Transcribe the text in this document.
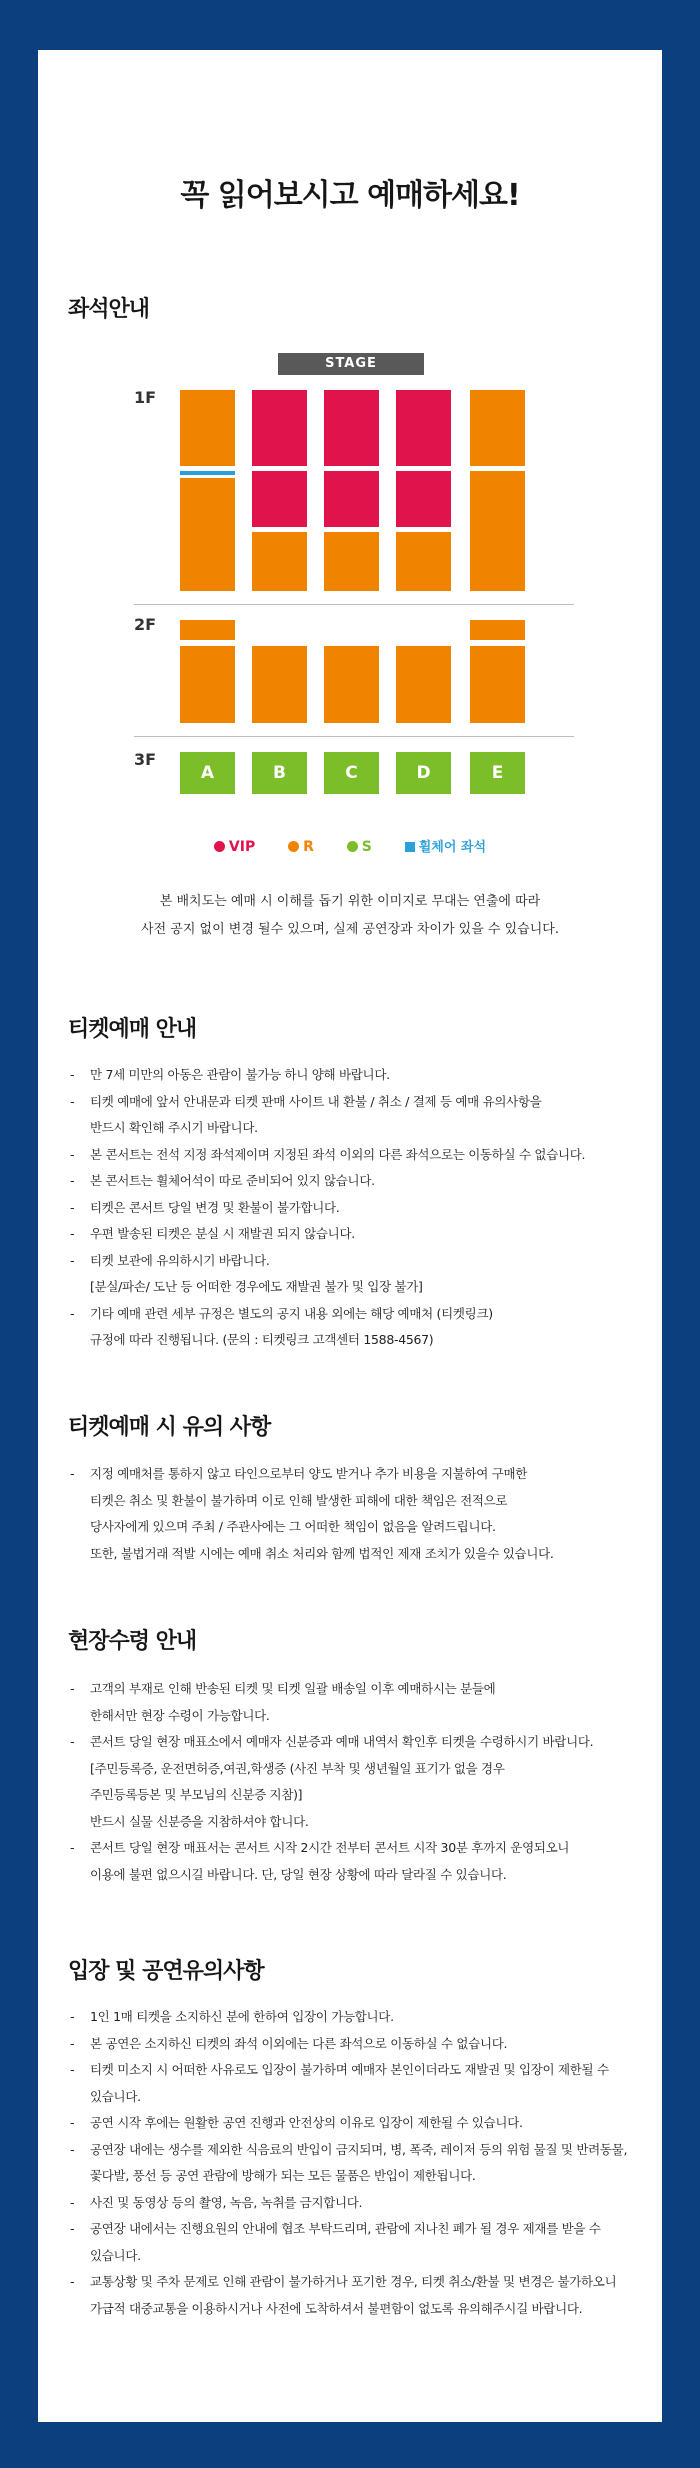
꼭 읽어보시고 예매하세요!
좌석안내
STAGE
1F
2F
3F
A	B	C	D	E
VIP	R	S	휠체어 좌석
본 배치도는 예매 시 이해를 돕기 위한 이미지로 무대는 연출에 따라
사전 공지 없이 변경 될수 있으며, 실제 공연장과 차이가 있을 수 있습니다.
티켓예매 안내
- 만 7세 미만의 아동은 관람이 불가능 하니 양해 바랍니다.
- 티켓 예매에 앞서 안내문과 티켓 판매 사이트 내 환불 / 취소 / 결제 등 예매 유의사항을
반드시 확인해 주시기 바랍니다.
- 본 콘서트는 전석 지정 좌석제이며 지정된 좌석 이외의 다른 좌석으로는 이동하실 수 없습니다.
- 본 콘서트는 휠체어석이 따로 준비되어 있지 않습니다.
- 티켓은 콘서트 당일 변경 및 환불이 불가합니다.
- 우편 발송된 티켓은 분실 시 재발권 되지 않습니다.
- 티켓 보관에 유의하시기 바랍니다.
[분실/파손/ 도난 등 어떠한 경우에도 재발권 불가 및 입장 불가]
- 기타 예매 관련 세부 규정은 별도의 공지 내용 외에는 해당 예매처 (티켓링크)
규정에 따라 진행됩니다. (문의 : 티켓링크 고객센터 1588-4567)
티켓예매 시 유의 사항
- 지정 예매처를 통하지 않고 타인으로부터 양도 받거나 추가 비용을 지불하여 구매한
티켓은 취소 및 환불이 불가하며 이로 인해 발생한 피해에 대한 책임은 전적으로
당사자에게 있으며 주최 / 주관사에는 그 어떠한 책임이 없음을 알려드립니다.
또한, 불법거래 적발 시에는 예매 취소 처리와 함께 법적인 제재 조치가 있을수 있습니다.
현장수령 안내
- 고객의 부재로 인해 반송된 티켓 및 티켓 일괄 배송일 이후 예매하시는 분들에
한해서만 현장 수령이 가능합니다.
- 콘서트 당일 현장 매표소에서 예매자 신분증과 예매 내역서 확인후 티켓을 수령하시기 바랍니다.
[주민등록증, 운전면허증,여권,학생증 (사진 부착 및 생년월일 표기가 없을 경우
주민등록등본 및 부모님의 신분증 지참)]
반드시 실물 신분증을 지참하셔야 합니다.
- 콘서트 당일 현장 매표서는 콘서트 시작 2시간 전부터 콘서트 시작 30분 후까지 운영되오니
이용에 불편 없으시길 바랍니다. 단, 당일 현장 상황에 따라 달라질 수 있습니다.
입장 및 공연유의사항
- 1인 1매 티켓을 소지하신 분에 한하여 입장이 가능합니다.
- 본 공연은 소지하신 티켓의 좌석 이외에는 다른 좌석으로 이동하실 수 없습니다.
- 티켓 미소지 시 어떠한 사유로도 입장이 불가하며 예매자 본인이더라도 재발권 및 입장이 제한될 수
있습니다.
- 공연 시작 후에는 원활한 공연 진행과 안전상의 이유로 입장이 제한될 수 있습니다.
- 공연장 내에는 생수를 제외한 식음료의 반입이 금지되며, 병, 폭죽, 레이저 등의 위험 물질 및 반려동물,
꽃다발, 풍선 등 공연 관람에 방해가 되는 모든 물품은 반입이 제한됩니다.
- 사진 및 동영상 등의 촬영, 녹음, 녹취를 금지합니다.
- 공연장 내에서는 진행요원의 안내에 협조 부탁드리며, 관람에 지나친 폐가 될 경우 제재를 받을 수
있습니다.
- 교통상황 및 주차 문제로 인해 관람이 불가하거나 포기한 경우, 티켓 취소/환불 및 변경은 불가하오니
가급적 대중교통을 이용하시거나 사전에 도착하셔서 불편함이 없도록 유의해주시길 바랍니다.
